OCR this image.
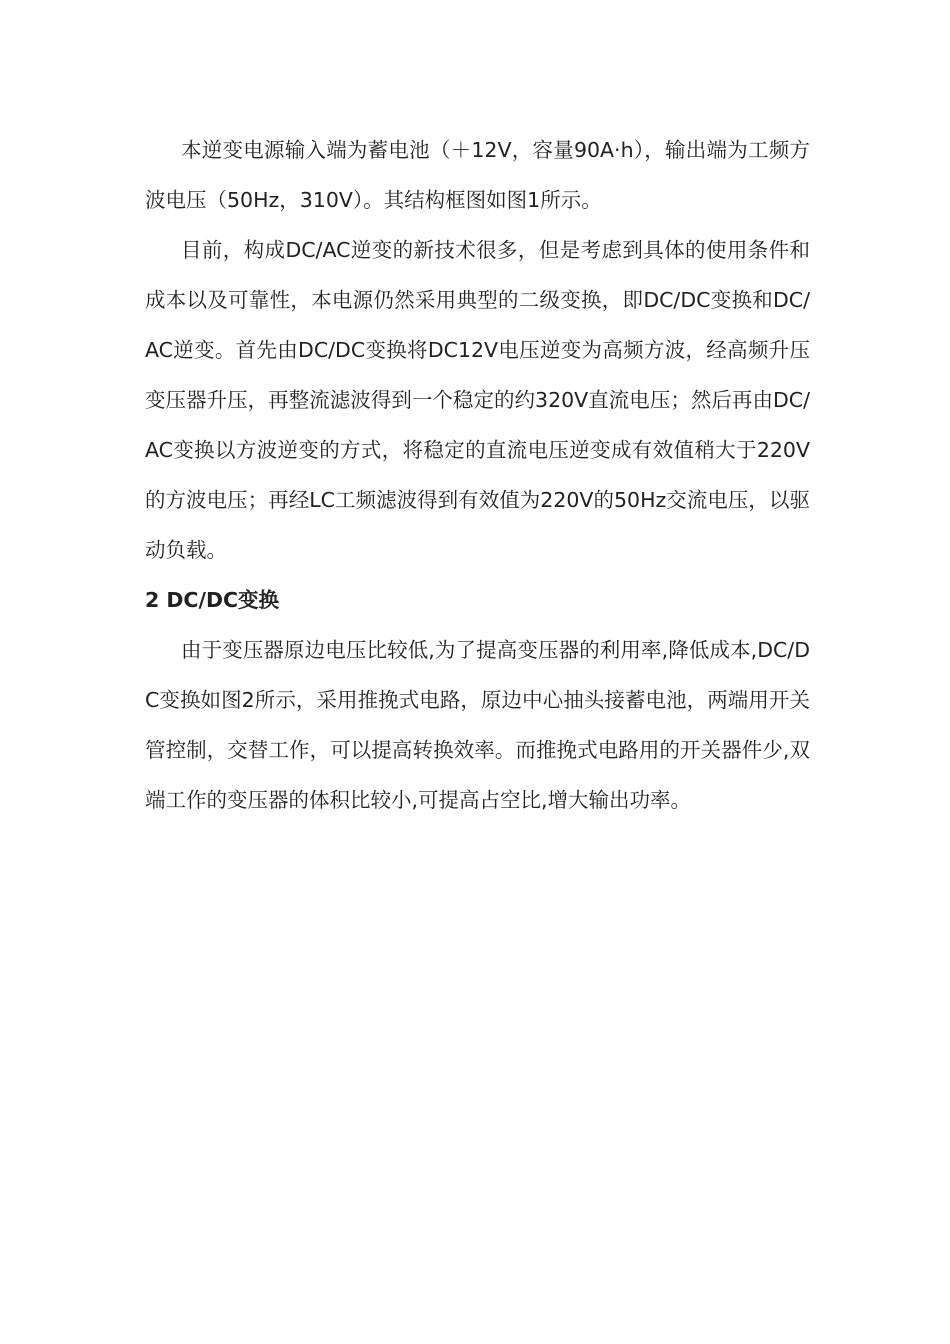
本逆变电源输入端为蓄电池（＋12V，容量90A·h），输出端为工频方波电压（50Hz，310V）。其结构框图如图1所示。

目前，构成DC/AC逆变的新技术很多，但是考虑到具体的使用条件和成本以及可靠性，本电源仍然采用典型的二级变换，即DC/DC变换和DC/AC逆变。首先由DC/DC变换将DC12V电压逆变为高频方波，经高频升压变压器升压，再整流滤波得到一个稳定的约320V直流电压；然后再由DC/AC变换以方波逆变的方式，将稳定的直流电压逆变成有效值稍大于220V的方波电压；再经LC工频滤波得到有效值为220V的50Hz交流电压，以驱动负载。

2 DC/DC变换

由于变压器原边电压比较低,为了提高变压器的利用率,降低成本,DC/DC变换如图2所示，采用推挽式电路，原边中心抽头接蓄电池，两端用开关管控制，交替工作，可以提高转换效率。而推挽式电路用的开关器件少,双端工作的变压器的体积比较小,可提高占空比,增大输出功率。
